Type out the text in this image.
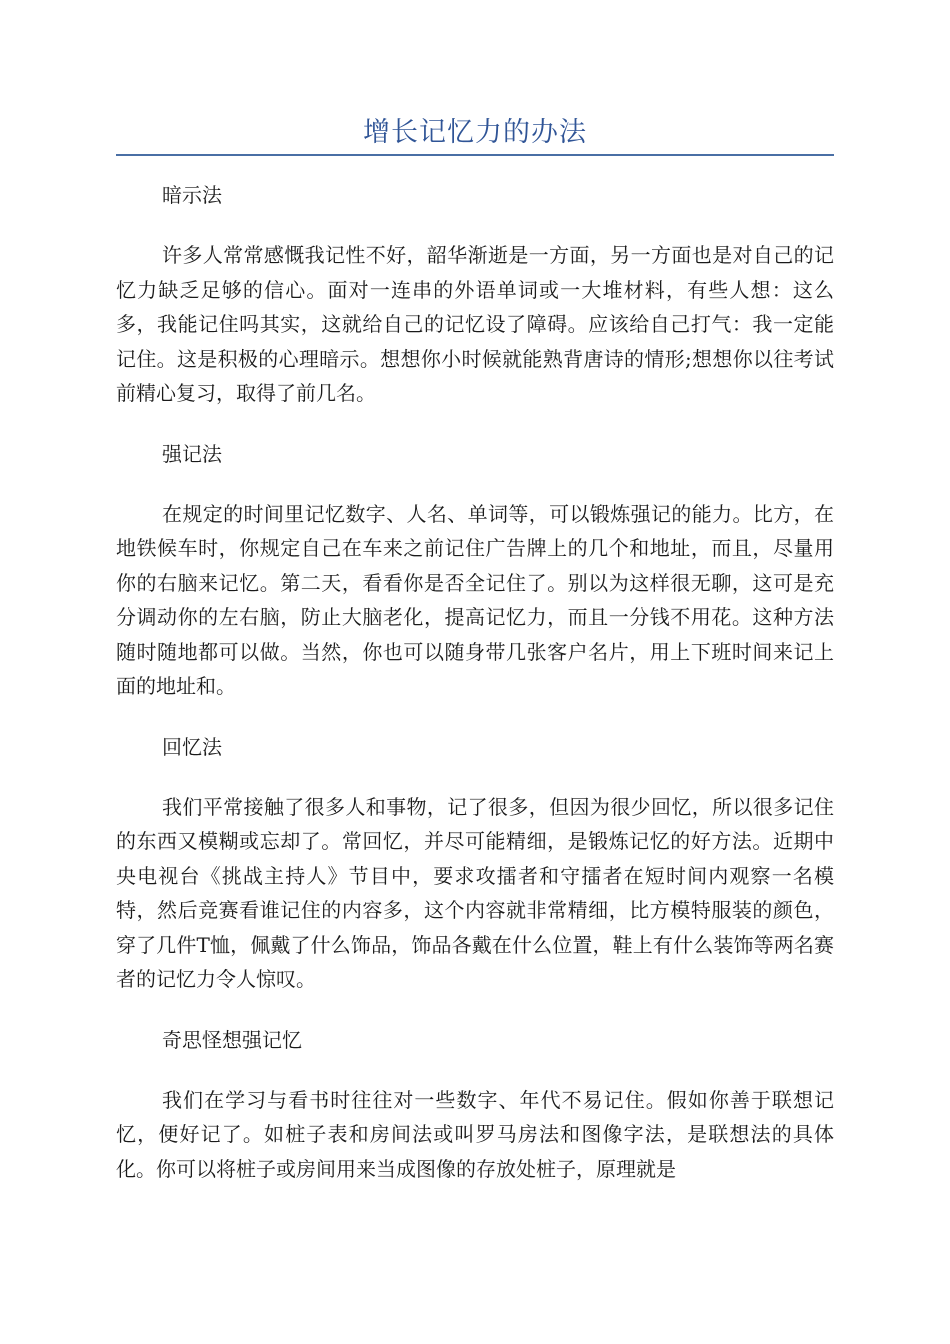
增长记忆力的办法

暗示法

许多人常常感慨我记性不好，韶华渐逝是一方面，另一方面也是对自己的记忆力缺乏足够的信心。面对一连串的外语单词或一大堆材料，有些人想：这么多，我能记住吗其实，这就给自己的记忆设了障碍。应该给自己打气：我一定能记住。这是积极的心理暗示。想想你小时候就能熟背唐诗的情形;想想你以往考试前精心复习，取得了前几名。

强记法

在规定的时间里记忆数字、人名、单词等，可以锻炼强记的能力。比方，在地铁候车时，你规定自己在车来之前记住广告牌上的几个和地址，而且，尽量用你的右脑来记忆。第二天，看看你是否全记住了。别以为这样很无聊，这可是充分调动你的左右脑，防止大脑老化，提高记忆力，而且一分钱不用花。这种方法随时随地都可以做。当然，你也可以随身带几张客户名片，用上下班时间来记上面的地址和。

回忆法

我们平常接触了很多人和事物，记了很多，但因为很少回忆，所以很多记住的东西又模糊或忘却了。常回忆，并尽可能精细，是锻炼记忆的好方法。近期中央电视台《挑战主持人》节目中，要求攻擂者和守擂者在短时间内观察一名模特，然后竞赛看谁记住的内容多，这个内容就非常精细，比方模特服装的颜色，穿了几件T恤，佩戴了什么饰品，饰品各戴在什么位置，鞋上有什么装饰等两名赛者的记忆力令人惊叹。

奇思怪想强记忆

我们在学习与看书时往往对一些数字、年代不易记住。假如你善于联想记忆，便好记了。如桩子表和房间法或叫罗马房法和图像字法，是联想法的具体化。你可以将桩子或房间用来当成图像的存放处桩子，原理就是
